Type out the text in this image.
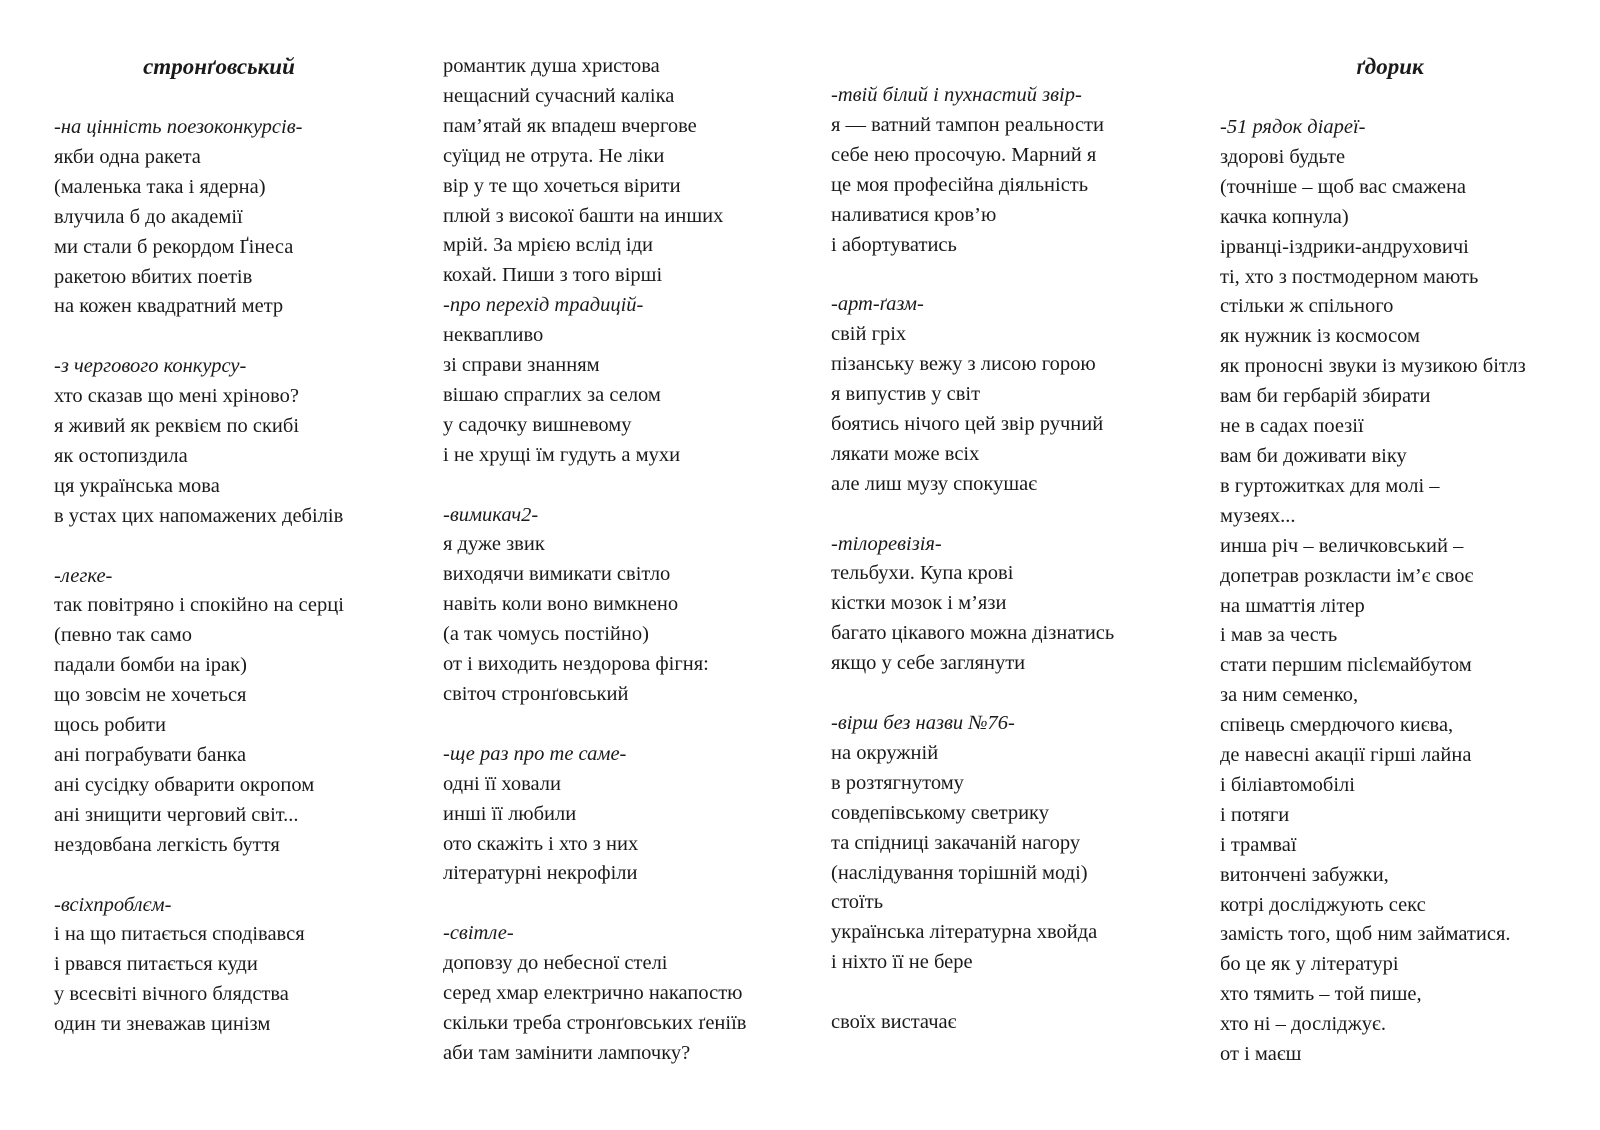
стронґовський
-на цінність поезоконкурсів-
якби одна ракета
(маленька така і ядерна)
влучила б до академії
ми стали б рекордом Ґінеса
ракетою вбитих поетів
на кожен квадратний метр
-з чергового конкурсу-
хто сказав що мені хріново?
я живий як реквієм по скибі
як остопиздила
ця українська мова
в устах цих напомажених дебілів
-легке-
так повітряно і спокійно на серці
(певно так само
падали бомби на ірак)
що зовсім не хочеться
щось робити
ані пограбувати банка
ані сусідку обварити окропом
ані знищити черговий світ...
нездовбана легкість буття
-всіхпроблєм-
і на що питається сподівався
і рвався питається куди
у всесвіті вічного блядства
один ти зневажав цинізм
романтик душа христова
нещасний сучасний каліка
пам’ятай як впадеш вчергове
суїцид не отрута. Не ліки
вір у те що хочеться вірити
плюй з високої башти на инших
мрій. За мрією вслід іди
кохай. Пиши з того вірші
-про перехід традицій-
неквапливо
зі справи знанням
вішаю спраглих за селом
у садочку вишневому
і не хрущі їм гудуть а мухи
-вимикач2-
я дуже звик
виходячи вимикати світло
навіть коли воно вимкнено
(а так чомусь постійно)
от і виходить нездорова фігня:
світоч стронґовський
-ще раз про те саме-
одні її ховали
инші її любили
ото скажіть і хто з них
літературні некрофіли
-світле-
доповзу до небесної стелі
серед хмар електрично накапостю
скільки треба стронґовських ґеніїв
аби там замінити лампочку?
-твій білий і пухнастий звір-
я — ватний тампон реальности
себе нею просочую. Марний я
це моя професійна діяльність
наливатися кров’ю
і абортуватись
-арт-ґазм-
свій гріх
пізанську вежу з лисою горою
я випустив у світ
боятись нічого цей звір ручний
лякати може всіх
але лиш музу спокушає
-тілоревізія-
тельбухи. Купа крові
кістки мозок і м’язи
багато цікавого можна дізнатись
якщо у себе заглянути
-вірш без назви №76-
на окружній
в розтягнутому
совдепівському светрику
та спідниці закачаній нагору
(наслідування торішній моді)
стоїть
українська літературна хвойда
і ніхто її не бере
своїх вистачає
ґдорик
-51 рядок діареї-
здорові будьте
(точніше – щоб вас смажена
качка копнула)
ірванці-іздрики-андруховичі
ті, хто з постмодерном мають
стільки ж спільного
як нужник із космосом
як проносні звуки із музикою бітлз
вам би гербарій збирати
не в садах поезії
вам би доживати віку
в гуртожитках для молі –
музеях...
инша річ – величковський –
допетрав розкласти ім’є своє
на шматтія літер
і мав за честь
стати першим пісlємайбутом
за ним семенко,
співець смердючого києва,
де навесні акації гірші лайна
і біліавтомобілі
і потяги
і трамваї
витончені забужки,
котрі досліджують секс
замість того, щоб ним займатися.
бо це як у літературі
хто тямить – той пише,
хто ні – досліджує.
от і маєш
